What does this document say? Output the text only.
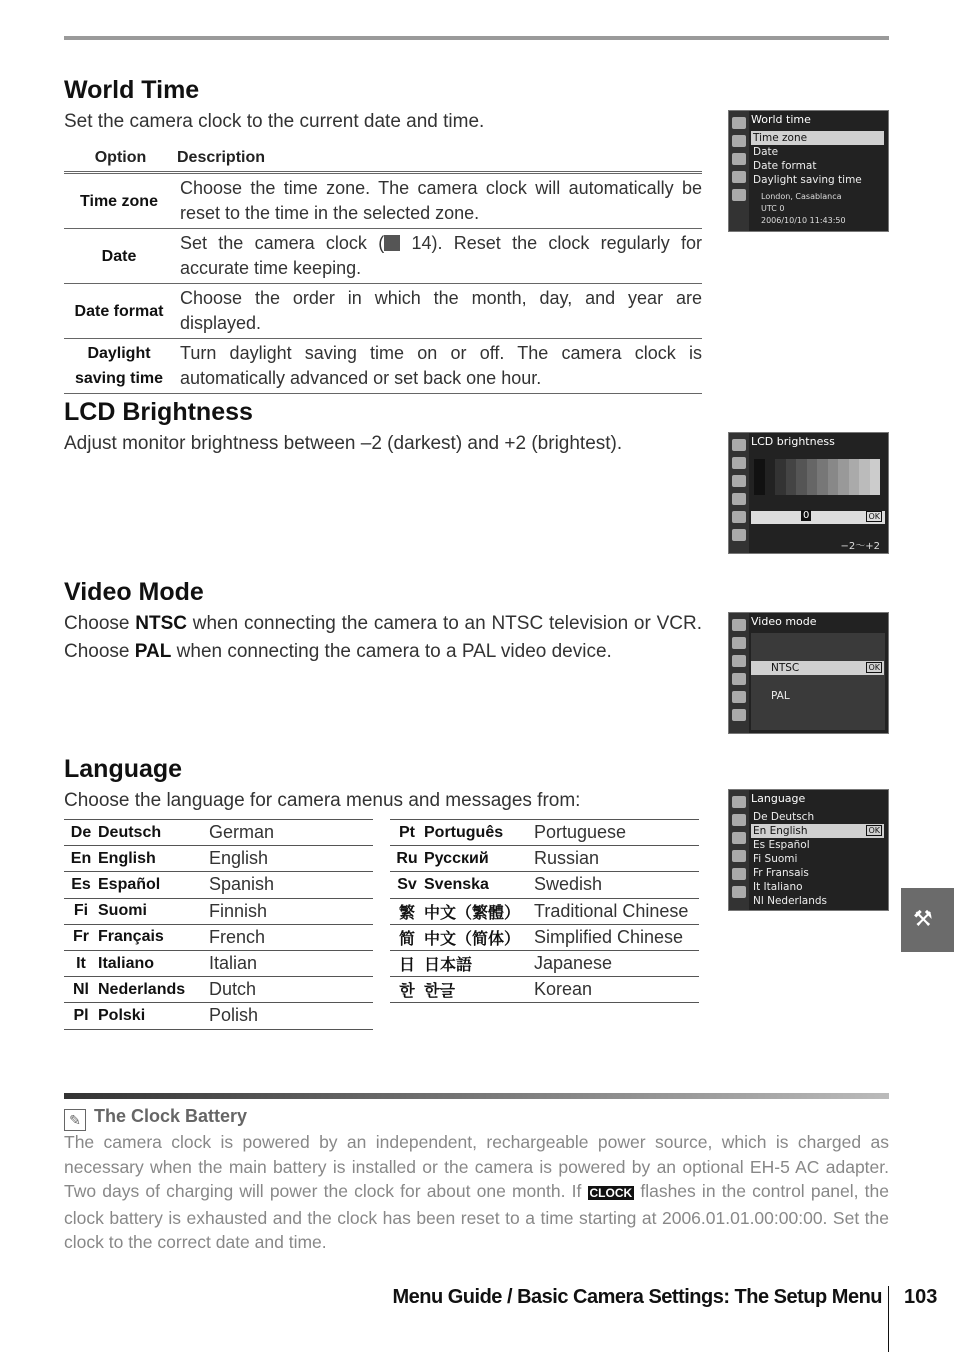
World Time
Set the camera clock to the current date and time.
Option	Description
Time zone	Choose the time zone. The camera clock will automatically be reset to the time in the selected zone.
Date	Set the camera clock ( 14). Reset the clock regularly for accurate time keeping.
Date format	Choose the order in which the month, day, and year are displayed.
Daylight saving time	Turn daylight saving time on or off. The camera clock is automatically advanced or set back one hour.
World time
Time zone
Date
Date format
Daylight saving time
London, Casablanca
UTC 0
2006/10/10 11:43:50
LCD Brightness
Adjust monitor brightness between –2 (darkest) and +2 (brightest).	LCD brightness
0	OK
−2～+2
Video Mode
Choose NTSC when connecting the camera to an NTSC television or VCR. Choose PAL when connecting the camera to a PAL video device.
Video mode
NTSC	OK
PAL
Language
Choose the language for camera menus and messages from:
De	Deutsch	German
En	English	English
Es	Español	Spanish
Fi	Suomi	Finnish
Fr	Français	French
It	Italiano	Italian
Nl	Nederlands	Dutch
Pl	Polski	Polish
Pt	Português	Portuguese
Ru	Русский	Russian
Sv	Svenska	Swedish
繁	中文（繁體）	Traditional Chinese
简	中文（简体）	Simplified Chinese
日	日本語	Japanese
한	한글	Korean
Language
De Deutsch
En English	OK
Es Español
Fi Suomi
Fr Fransais
It Italiano
Nl Nederlands
⚒
✎ The Clock Battery
The camera clock is powered by an independent, rechargeable power source, which is charged as necessary when the main battery is installed or the camera is powered by an optional EH-5 AC adapter. Two days of charging will power the clock for about one month. If CLOCK flashes in the control panel, the clock battery is exhausted and the clock has been reset to a time starting at 2006.01.01.00:00:00. Set the clock to the correct date and time.
Menu Guide / Basic Camera Settings: The Setup Menu 103
